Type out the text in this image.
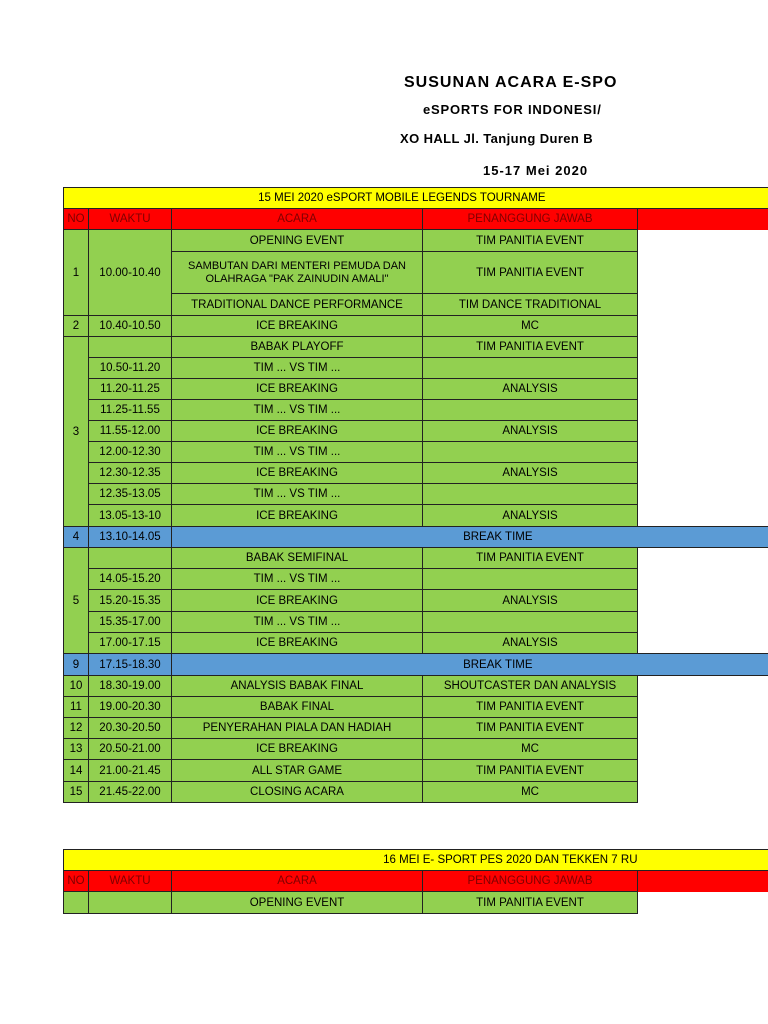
SUSUNAN ACARA E-SPO
eSPORTS FOR INDONESI/
XO HALL Jl. Tanjung Duren B
15-17 Mei 2020
15 MEI 2020 eSPORT MOBILE LEGENDS TOURNAME				
NO	WAKTU	ACARA	PENANGGUNG JAWAB	
1	10.00-10.40	OPENING EVENT	TIM PANITIA EVENT	
		SAMBUTAN DARI MENTERI PEMUDA DAN OLAHRAGA "PAK ZAINUDIN AMALI"	TIM PANITIA EVENT	
		TRADITIONAL DANCE PERFORMANCE	TIM DANCE TRADITIONAL	
2	10.40-10.50	ICE BREAKING	MC	
3		BABAK PLAYOFF	TIM PANITIA EVENT	
	10.50-11.20	TIM ... VS TIM ...		
	11.20-11.25	ICE BREAKING	ANALYSIS	
	11.25-11.55	TIM ... VS TIM ...		
	11.55-12.00	ICE BREAKING	ANALYSIS	
	12.00-12.30	TIM ... VS TIM ...		
	12.30-12.35	ICE BREAKING	ANALYSIS	
	12.35-13.05	TIM ... VS TIM ...		
	13.05-13-10	ICE BREAKING	ANALYSIS	
4	13.10-14.05	BREAK TIME		
5		BABAK SEMIFINAL	TIM PANITIA EVENT	
	14.05-15.20	TIM ... VS TIM ...		
	15.20-15.35	ICE BREAKING	ANALYSIS	
	15.35-17.00	TIM ... VS TIM ...		
	17.00-17.15	ICE BREAKING	ANALYSIS	
9	17.15-18.30	BREAK TIME		
10	18.30-19.00	ANALYSIS BABAK FINAL	SHOUTCASTER DAN ANALYSIS	
11	19.00-20.30	BABAK FINAL	TIM PANITIA EVENT	
12	20.30-20.50	PENYERAHAN PIALA DAN HADIAH	TIM PANITIA EVENT	
13	20.50-21.00	ICE BREAKING	MC	
14	21.00-21.45	ALL STAR GAME	TIM PANITIA EVENT	
15	21.45-22.00	CLOSING ACARA	MC	
16 MEI E- SPORT PES 2020 DAN TEKKEN 7 RU				
NO	WAKTU	ACARA	PENANGGUNG JAWAB	
		OPENING EVENT	TIM PANITIA EVENT	
